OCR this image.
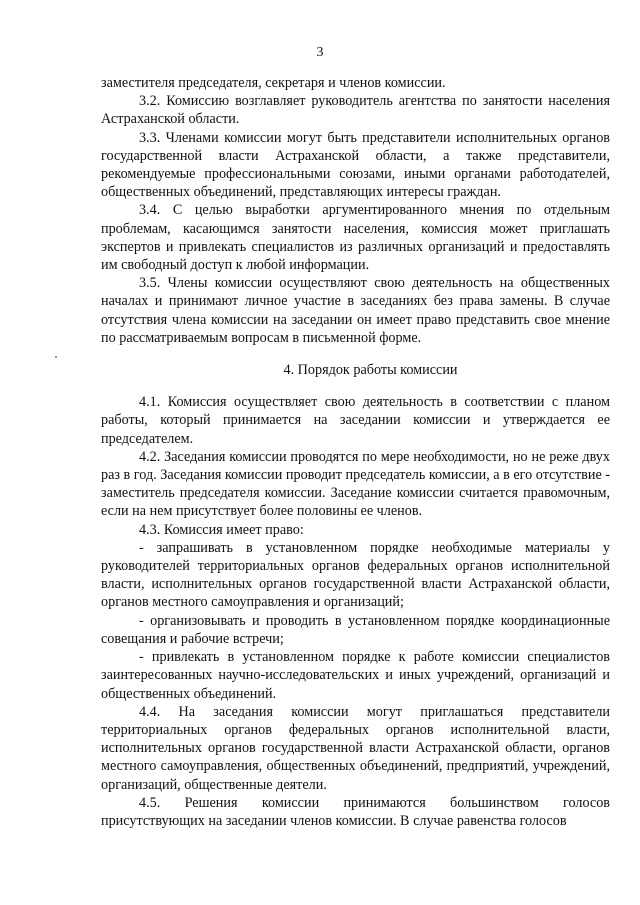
3

заместителя председателя, секретаря и членов комиссии.

3.2. Комиссию возглавляет руководитель агентства по занятости населения Астраханской области.

3.3. Членами комиссии могут быть представители исполнительных органов государственной власти Астраханской области, а также представители, рекомендуемые профессиональными союзами, иными органами работодателей, общественных объединений, представляющих интересы граждан.

3.4. С целью выработки аргументированного мнения по отдельным проблемам, касающимся занятости населения, комиссия может приглашать экспертов и привлекать специалистов из различных организаций и предоставлять им свободный доступ к любой информации.

3.5. Члены комиссии осуществляют свою деятельность на общественных началах и принимают личное участие в заседаниях без права замены. В случае отсутствия члена комиссии на заседании он имеет право представить свое мнение по рассматриваемым вопросам в письменной форме.

4. Порядок работы комиссии

4.1. Комиссия осуществляет свою деятельность в соответствии с планом работы, который принимается на заседании комиссии и утверждается ее председателем.

4.2. Заседания комиссии проводятся по мере необходимости, но не реже двух раз в год. Заседания комиссии проводит председатель комиссии, а в его отсутствие - заместитель председателя комиссии. Заседание комиссии считается правомочным, если на нем присутствует более половины ее членов.

4.3. Комиссия имеет право:

- запрашивать в установленном порядке необходимые материалы у руководителей территориальных органов федеральных органов исполнительной власти, исполнительных органов государственной власти Астраханской области, органов местного самоуправления и организаций;

- организовывать и проводить в установленном порядке координационные совещания и рабочие встречи;

- привлекать в установленном порядке к работе комиссии специалистов заинтересованных научно-исследовательских и иных учреждений, организаций и общественных объединений.

4.4. На заседания комиссии могут приглашаться представители территориальных органов федеральных органов исполнительной власти, исполнительных органов государственной власти Астраханской области, органов местного самоуправления, общественных объединений, предприятий, учреждений, организаций, общественные деятели.

4.5. Решения комиссии принимаются большинством голосов присутствующих на заседании членов комиссии. В случае равенства голосов
